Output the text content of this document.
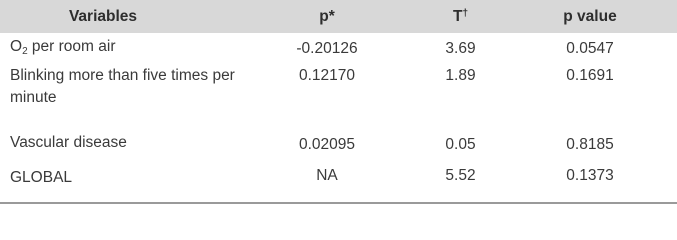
Variables	p*	T†	p value
$O_2$ per room air	-0.20126	3.69	0.0547
Blinking more than five times per minute	0.12170	1.89	0.1691
Vascular disease	0.02095	0.05	0.8185
GLOBAL	NA	5.52	0.1373
